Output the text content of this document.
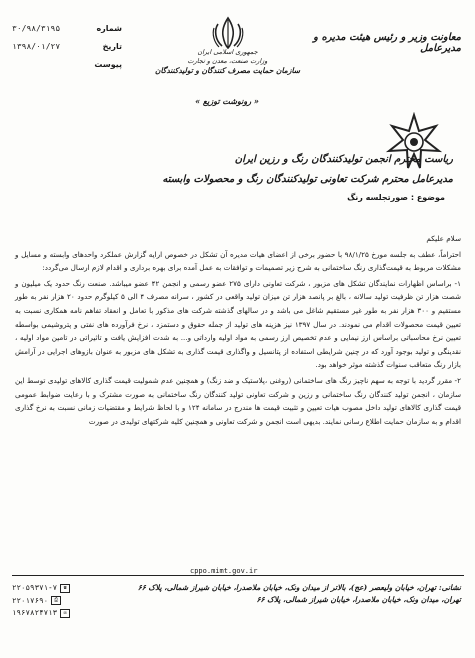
شماره
۳۰/۹۸/۳۱۹۵
تاریخ
۱۳۹۸/۰۱/۲۷
پیوست
جمهوری اسلامی ایران
وزارت صنعت، معدن و تجارت
سازمان حمایت مصرف کنندگان و تولیدکنندگان
معاونت وزیر و رئیس هیئت مدیره و مدیرعامل
« رونوشت توزیع »
ریاست محترم انجمن تولیدکنندگان رنگ و رزین ایران
مدیرعامل محترم شرکت تعاونی تولیدکنندگان رنگ و محصولات وابسته
موضوع : صورتجلسه رنگ

سلام علیکم

احتراماً، عطف به جلسه مورخ ۹۸/۱/۲۵ با حضور برخی از اعضای هیات مدیره آن تشکل در خصوص ارایه گزارش عملکرد واحدهای وابسته و مسایل و مشکلات مربوط به قیمت‌گذاری رنگ ساختمانی به شرح زیر تصمیمات و توافقات به عمل آمده برای بهره برداری و اقدام لازم ارسال می‌گردد:

۱- براساس اظهارات نمایندگان تشکل های مزبور ، شرکت تعاونی دارای ۲۷۵ عضو رسمی و انجمن ۴۲ عضو میباشد. صنعت رنگ حدود یک میلیون و شصت هزار تن ظرفیت تولید سالانه ، بالغ بر پانصد هزار تن میزان تولید واقعی در کشور ، سرانه مصرف ۴ الی ۵ کیلوگرم حدود ۲۰ هزار نفر به طور مستقیم و ۳۰۰ هزار نفر به طور غیر مستقیم شاغل می باشد و در سالهای گذشته شرکت های مذکور با تعامل و انعقاد تفاهم نامه همکاری نسبت به تعیین قیمت محصولات اقدام می نمودند. در سال ۱۳۹۷ نیز هزینه های تولید از جمله حقوق و دستمزد ، نرخ فرآورده های نفتی و پتروشیمی بواسطه تعیین نرخ محاسباتی براساس ارز نیمایی و عدم تخصیص ارز رسمی به مواد اولیه وارداتی و... به شدت افزایش یافت و تاثیراتی در تامین مواد اولیه ، نقدینگی و تولید بوجود آورد که در چنین شرایطی استفاده از پتانسیل و واگذاری قیمت گذاری به تشکل های مزبور به عنوان بازوهای اجرایی در آرامش بازار رنگ متعاقب سنوات گذشته موثر خواهد بود.

۲- مقرر گردید با توجه به سهم ناچیز رنگ های ساختمانی (روغنی ،پلاستیک و ضد زنگ) و همچنین عدم شمولیت قیمت گذاری کالاهای تولیدی توسط این سازمان ، انجمن تولید کنندگان رنگ ساختمانی و رزین و شرکت تعاونی تولید کنندگان رنگ ساختمانی به صورت مشترک و با رعایت ضوابط عمومی قیمت گذاری کالاهای تولید داخل مصوب هیات تعیین و تثبیت قیمت ها مندرج در سامانه ۱۲۴ و با لحاظ شرایط و مقتضیات زمانی نسبت به نرخ گذاری اقدام و به سازمان حمایت اطلاع رسانی نمایند. بدیهی است انجمن و شرکت تعاونی و همچنین کلیه شرکتهای تولیدی در صورت

cppo.mimt.gov.ir
نشانی: تهران، خیابان ولیعصر (عج)، بالاتر از میدان ونک، خیابان ملاصدرا، خیابان شیراز شمالی، پلاک ۶۶
تهران، میدان ونک، خیابان ملاصدرا، خیابان شیراز شمالی، پلاک ۶۶
۲۲۰۵۹۳۷۱-۷	☎
۲۲۰۱۷۶۹۰	⎙
۱۹۶۷۸۲۴۷۱۳	✉
